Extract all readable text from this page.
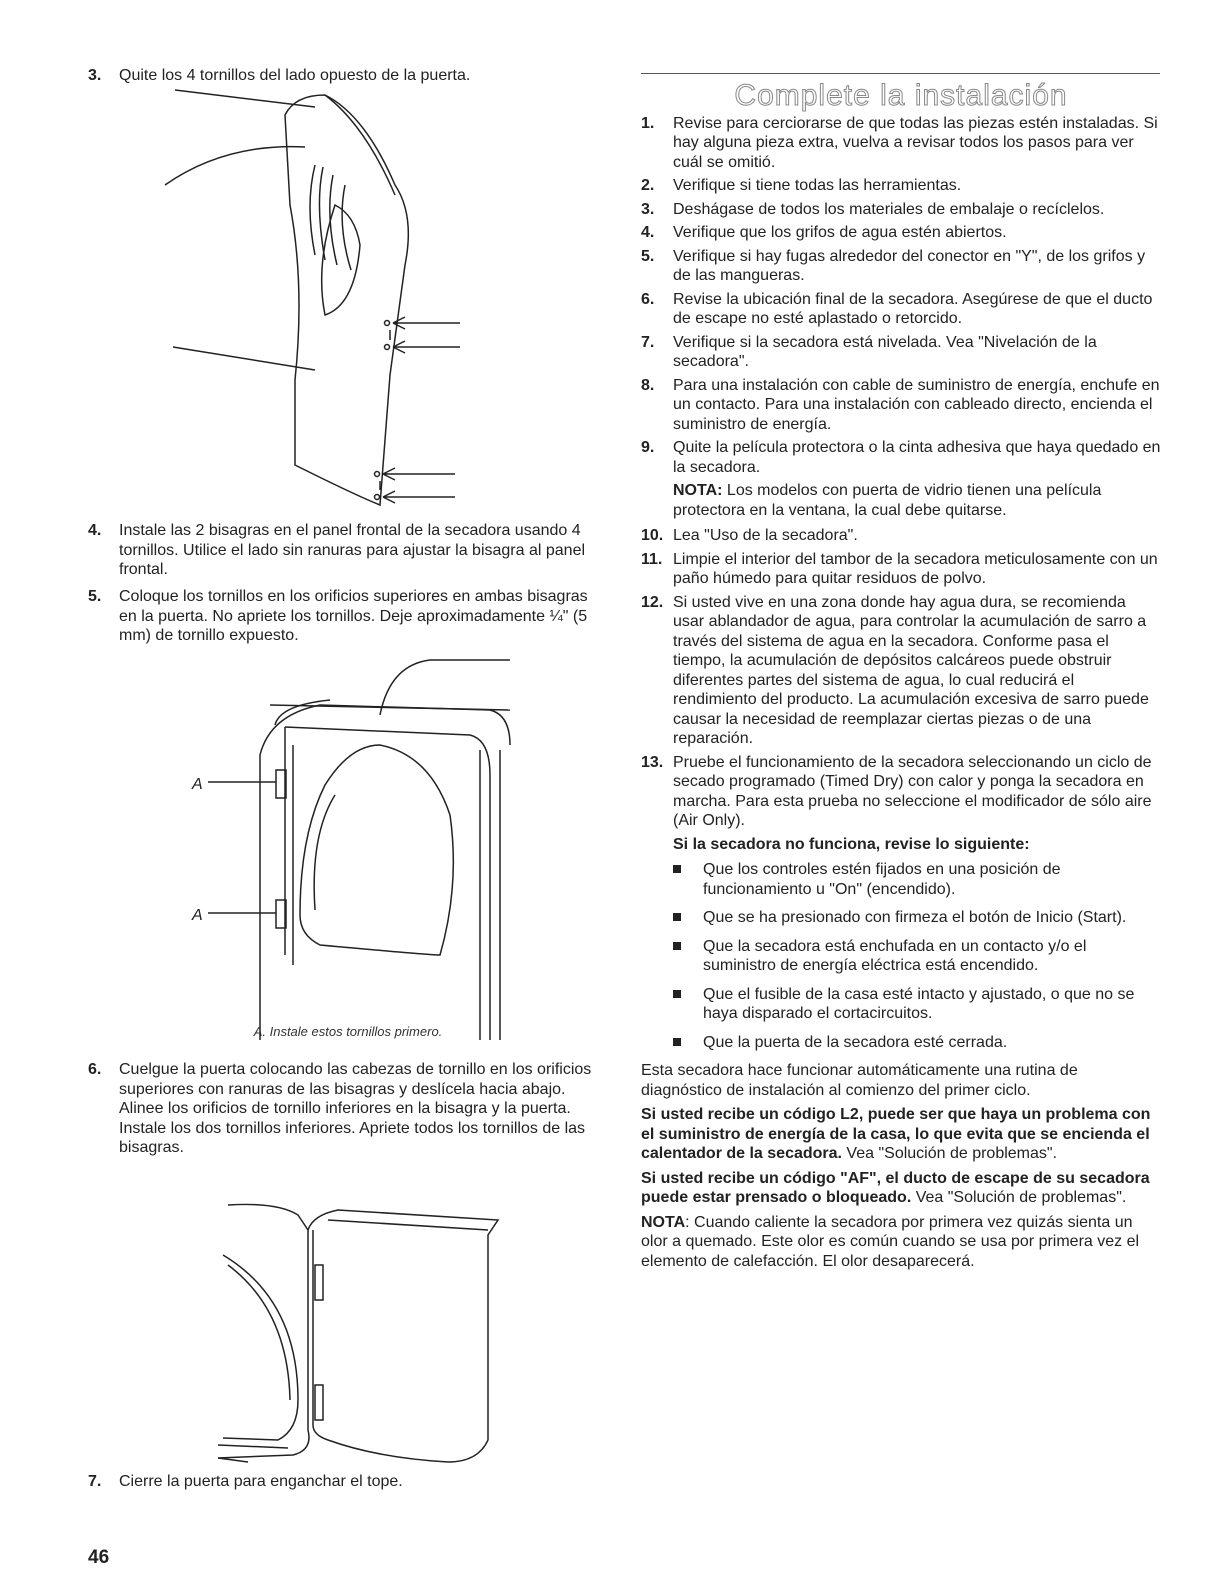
3. Quite los 4 tornillos del lado opuesto de la puerta.
4. Instale las 2 bisagras en el panel frontal de la secadora usando 4 tornillos. Utilice el lado sin ranuras para ajustar la bisagra al panel frontal.
5. Coloque los tornillos en los orificios superiores en ambas bisagras en la puerta. No apriete los tornillos. Deje aproximadamente ¼" (5 mm) de tornillo expuesto.
6. Cuelgue la puerta colocando las cabezas de tornillo en los orificios superiores con ranuras de las bisagras y deslícela hacia abajo. Alinee los orificios de tornillo inferiores en la bisagra y la puerta. Instale los dos tornillos inferiores. Apriete todos los tornillos de las bisagras.
7. Cierre la puerta para enganchar el tope.
A
A
A. Instale estos tornillos primero.
Complete la instalación
1. Revise para cerciorarse de que todas las piezas estén instaladas. Si hay alguna pieza extra, vuelva a revisar todos los pasos para ver cuál se omitió.
2. Verifique si tiene todas las herramientas.
3. Deshágase de todos los materiales de embalaje o recíclelos.
4. Verifique que los grifos de agua estén abiertos.
5. Verifique si hay fugas alrededor del conector en "Y", de los grifos y de las mangueras.
6. Revise la ubicación final de la secadora. Asegúrese de que el ducto de escape no esté aplastado o retorcido.
7. Verifique si la secadora está nivelada. Vea "Nivelación de la secadora".
8. Para una instalación con cable de suministro de energía, enchufe en un contacto. Para una instalación con cableado directo, encienda el suministro de energía.
9. Quite la película protectora o la cinta adhesiva que haya quedado en la secadora.
NOTA: Los modelos con puerta de vidrio tienen una película protectora en la ventana, la cual debe quitarse.
10. Lea "Uso de la secadora".
11. Limpie el interior del tambor de la secadora meticulosamente con un paño húmedo para quitar residuos de polvo.
12. Si usted vive en una zona donde hay agua dura, se recomienda usar ablandador de agua, para controlar la acumulación de sarro a través del sistema de agua en la secadora. Conforme pasa el tiempo, la acumulación de depósitos calcáreos puede obstruir diferentes partes del sistema de agua, lo cual reducirá el rendimiento del producto. La acumulación excesiva de sarro puede causar la necesidad de reemplazar ciertas piezas o de una reparación.
13. Pruebe el funcionamiento de la secadora seleccionando un ciclo de secado programado (Timed Dry) con calor y ponga la secadora en marcha. Para esta prueba no seleccione el modificador de sólo aire (Air Only).
Si la secadora no funciona, revise lo siguiente:
Que los controles estén fijados en una posición de funcionamiento u "On" (encendido).
Que se ha presionado con firmeza el botón de Inicio (Start).
Que la secadora está enchufada en un contacto y/o el suministro de energía eléctrica está encendido.
Que el fusible de la casa esté intacto y ajustado, o que no se haya disparado el cortacircuitos.
Que la puerta de la secadora esté cerrada.
Esta secadora hace funcionar automáticamente una rutina de diagnóstico de instalación al comienzo del primer ciclo.
Si usted recibe un código L2, puede ser que haya un problema con el suministro de energía de la casa, lo que evita que se encienda el calentador de la secadora. Vea "Solución de problemas".
Si usted recibe un código "AF", el ducto de escape de su secadora puede estar prensado o bloqueado. Vea "Solución de problemas".
NOTA: Cuando caliente la secadora por primera vez quizás sienta un olor a quemado. Este olor es común cuando se usa por primera vez el elemento de calefacción. El olor desaparecerá.
46
